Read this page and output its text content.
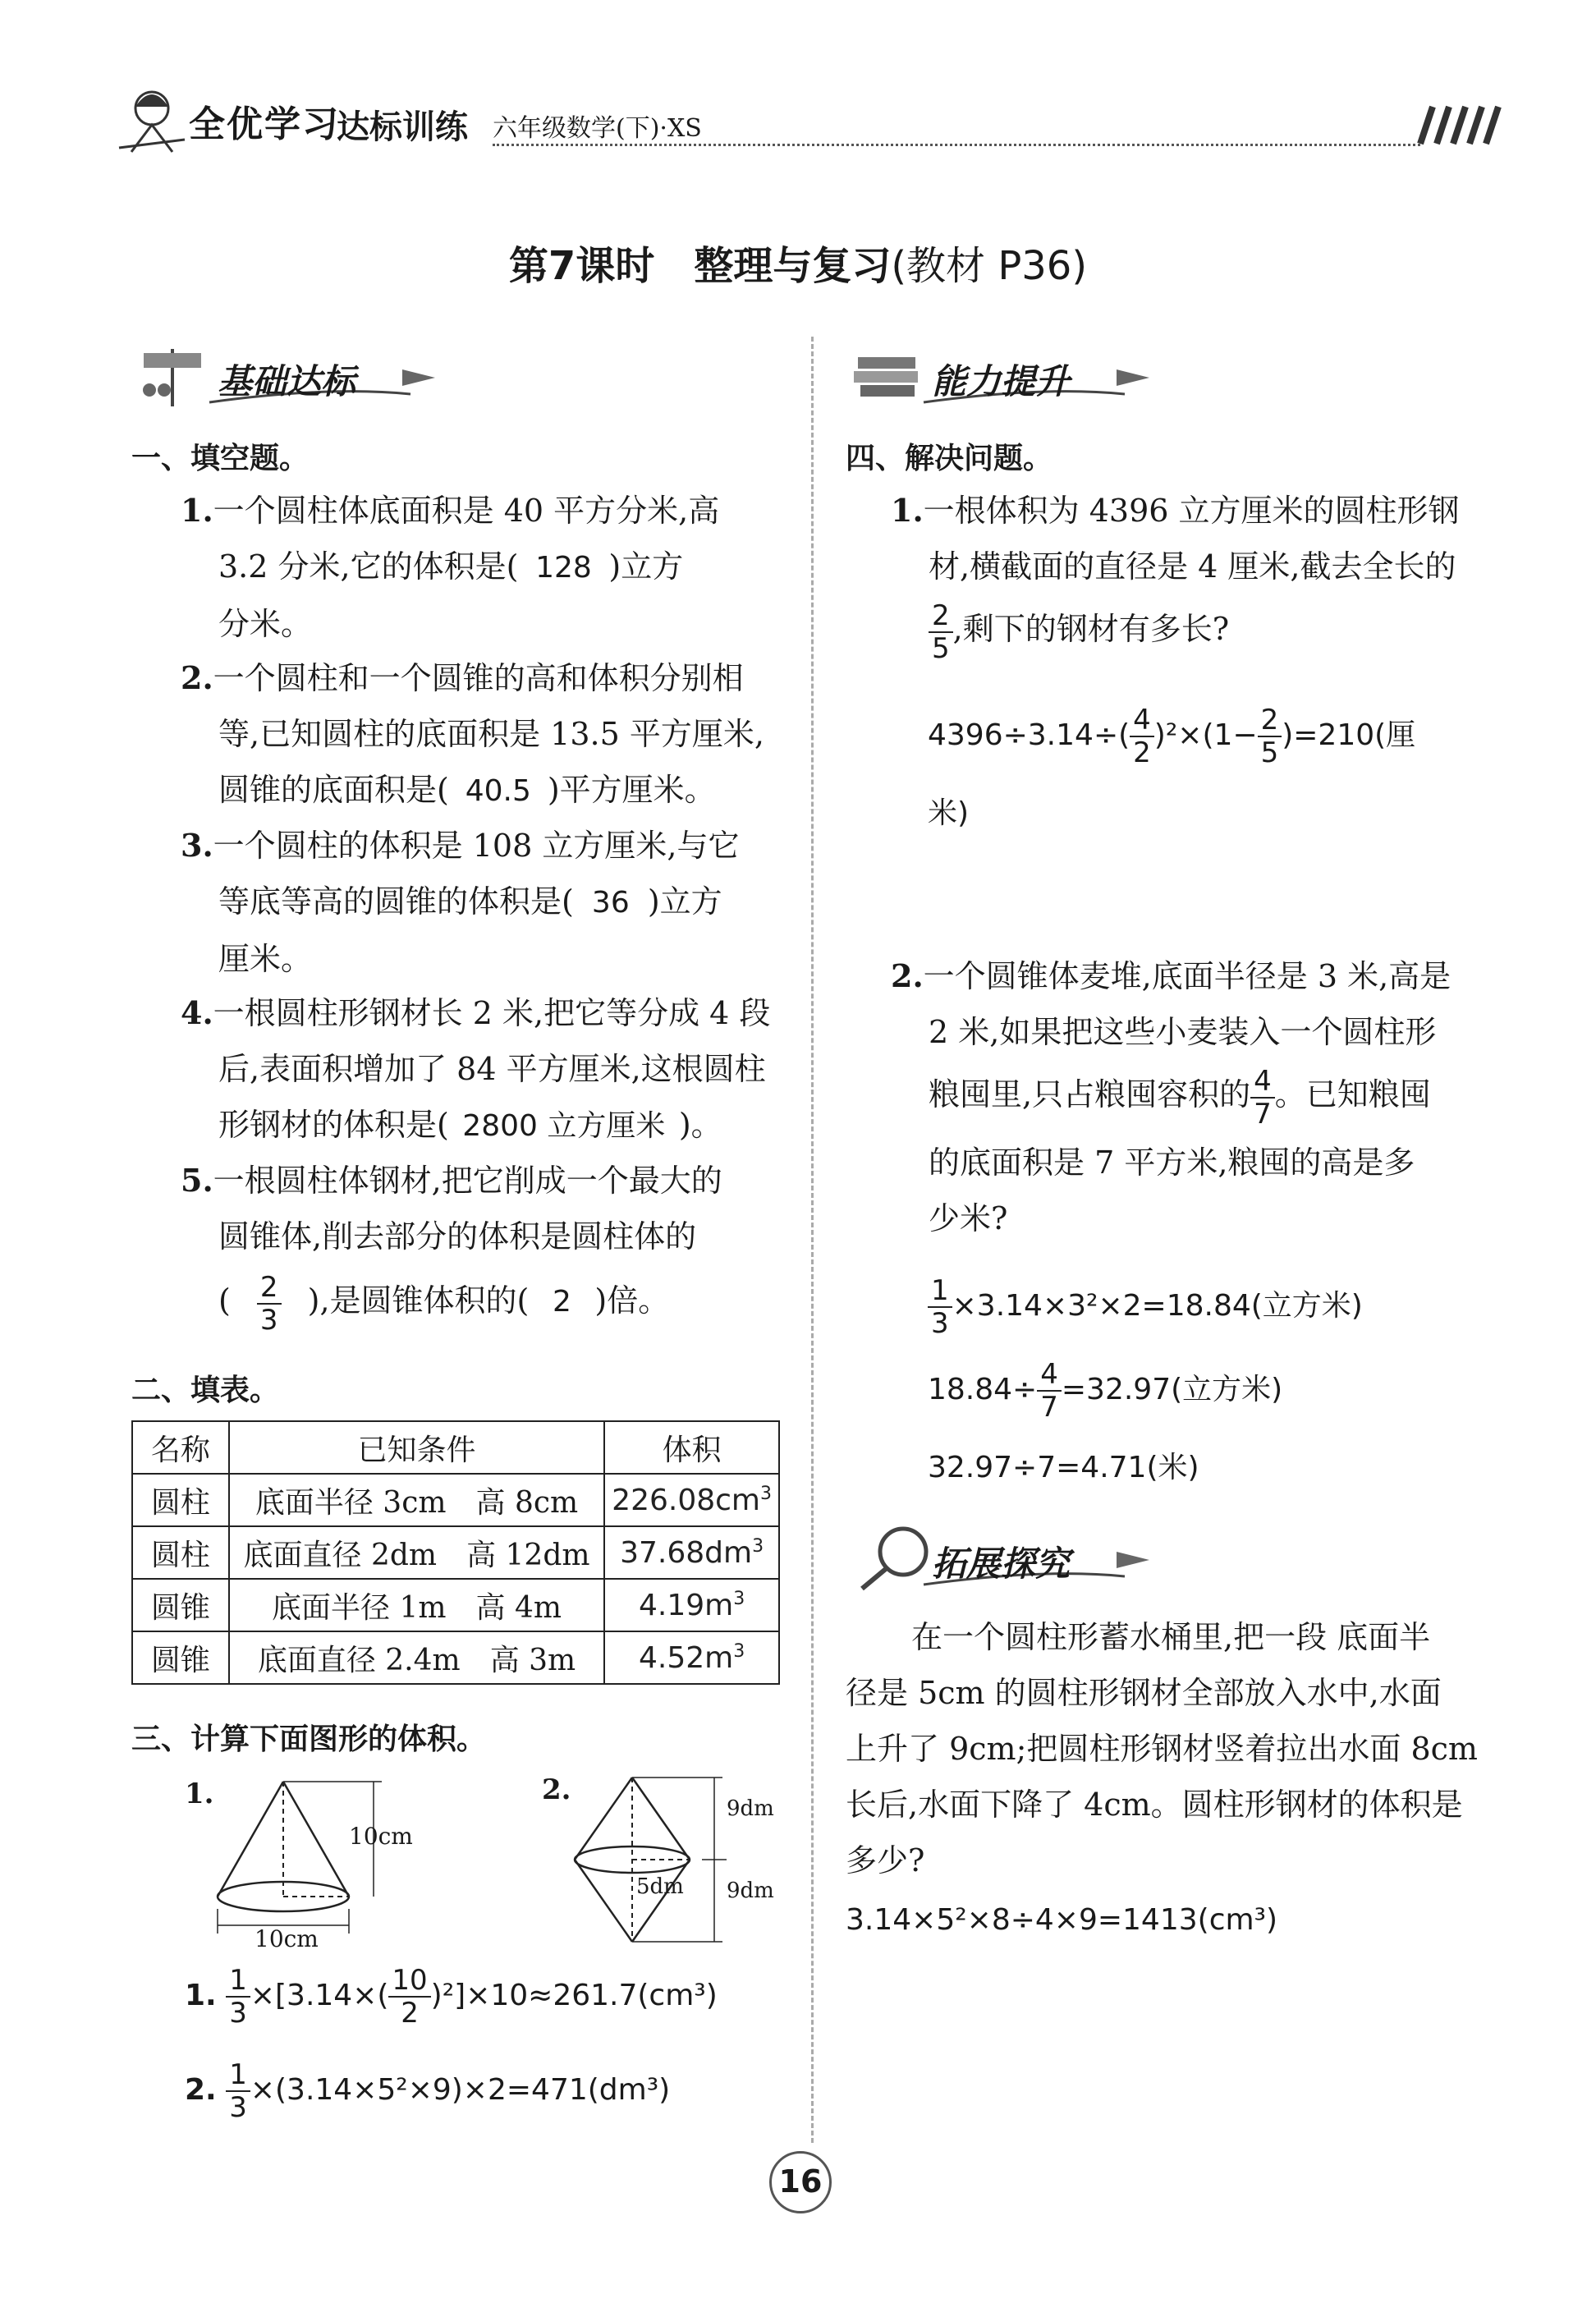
全优学习
达标训练 六年级数学(下)·XS
第7课时　整理与复习(教材 P36)
基础达标
一、填空题。
1.一个圆柱体底面积是 40 平方分米,高
3.2 分米,它的体积是( 128 )立方
分米。
2.一个圆柱和一个圆锥的高和体积分别相
等,已知圆柱的底面积是 13.5 平方厘米,
圆锥的底面积是( 40.5 )平方厘米。
3.一个圆柱的体积是 108 立方厘米,与它
等底等高的圆锥的体积是( 36 )立方
厘米。
4.一根圆柱形钢材长 2 米,把它等分成 4 段
后,表面积增加了 84 平方厘米,这根圆柱
形钢材的体积是( 2800 立方厘米 )。
5.一根圆柱体钢材,把它削成一个最大的
圆锥体,削去部分的体积是圆柱体的
( $\frac{2}{3}$ ),是圆锥体积的( 2 )倍。
二、填表。
名称	已知条件	体积
圆柱	底面半径 3cm　 高 8cm	$226.08cm^3$
圆柱	底面直径 2dm　 高 12dm	$37.68dm^3$
圆锥	底面半径 1m　 高 4m	$4.19m^3$
圆锥	底面直径 2.4m　 高 3m	$4.52m^3$
三、计算下面图形的体积。
1.
10cm
10cm
2.
9dm
9dm
5dm
1. $\frac{1}{3} \times[3.14\times( \frac{10}{2} )^2]\times 10\approx 261.7(cm^3)$
2. $\frac{1}{3} \times(3.14\times 5^2\times 9)\times 2=471(dm^3)$
能力提升
四、解决问题。
1.一根体积为 4396 立方厘米的圆柱形钢
材,横截面的直径是 4 厘米,截去全长的
$\frac{2}{5}$ ,剩下的钢材有多长?
$4396\div 3.14\div( \frac{4}{2} )^2\times(1- \frac{2}{5} )=210$(厘
米)
2.一个圆锥体麦堆,底面半径是 3 米,高是
2 米,如果把这些小麦装入一个圆柱形
粮囤里,只占粮囤容积的 $\frac{4}{7}$ 。已知粮囤
的底面积是 7 平方米,粮囤的高是多
少米?
$\frac{1}{3} \times 3.14\times 3^2\times 2=18.84$(立方米)
$18.84\div \frac{4}{7} =32.97$(立方米)
32.97÷7=4.71(米)
拓展探究
在一个圆柱形蓄水桶里,把一段 底面半
径是 5cm 的圆柱形钢材全部放入水中,水面
上升了 9cm;把圆柱形钢材竖着拉出水面 8cm
长后,水面下降了 4cm。圆柱形钢材的体积是
多少?
3.14×5²×8÷4×9=1413(cm³)
16
